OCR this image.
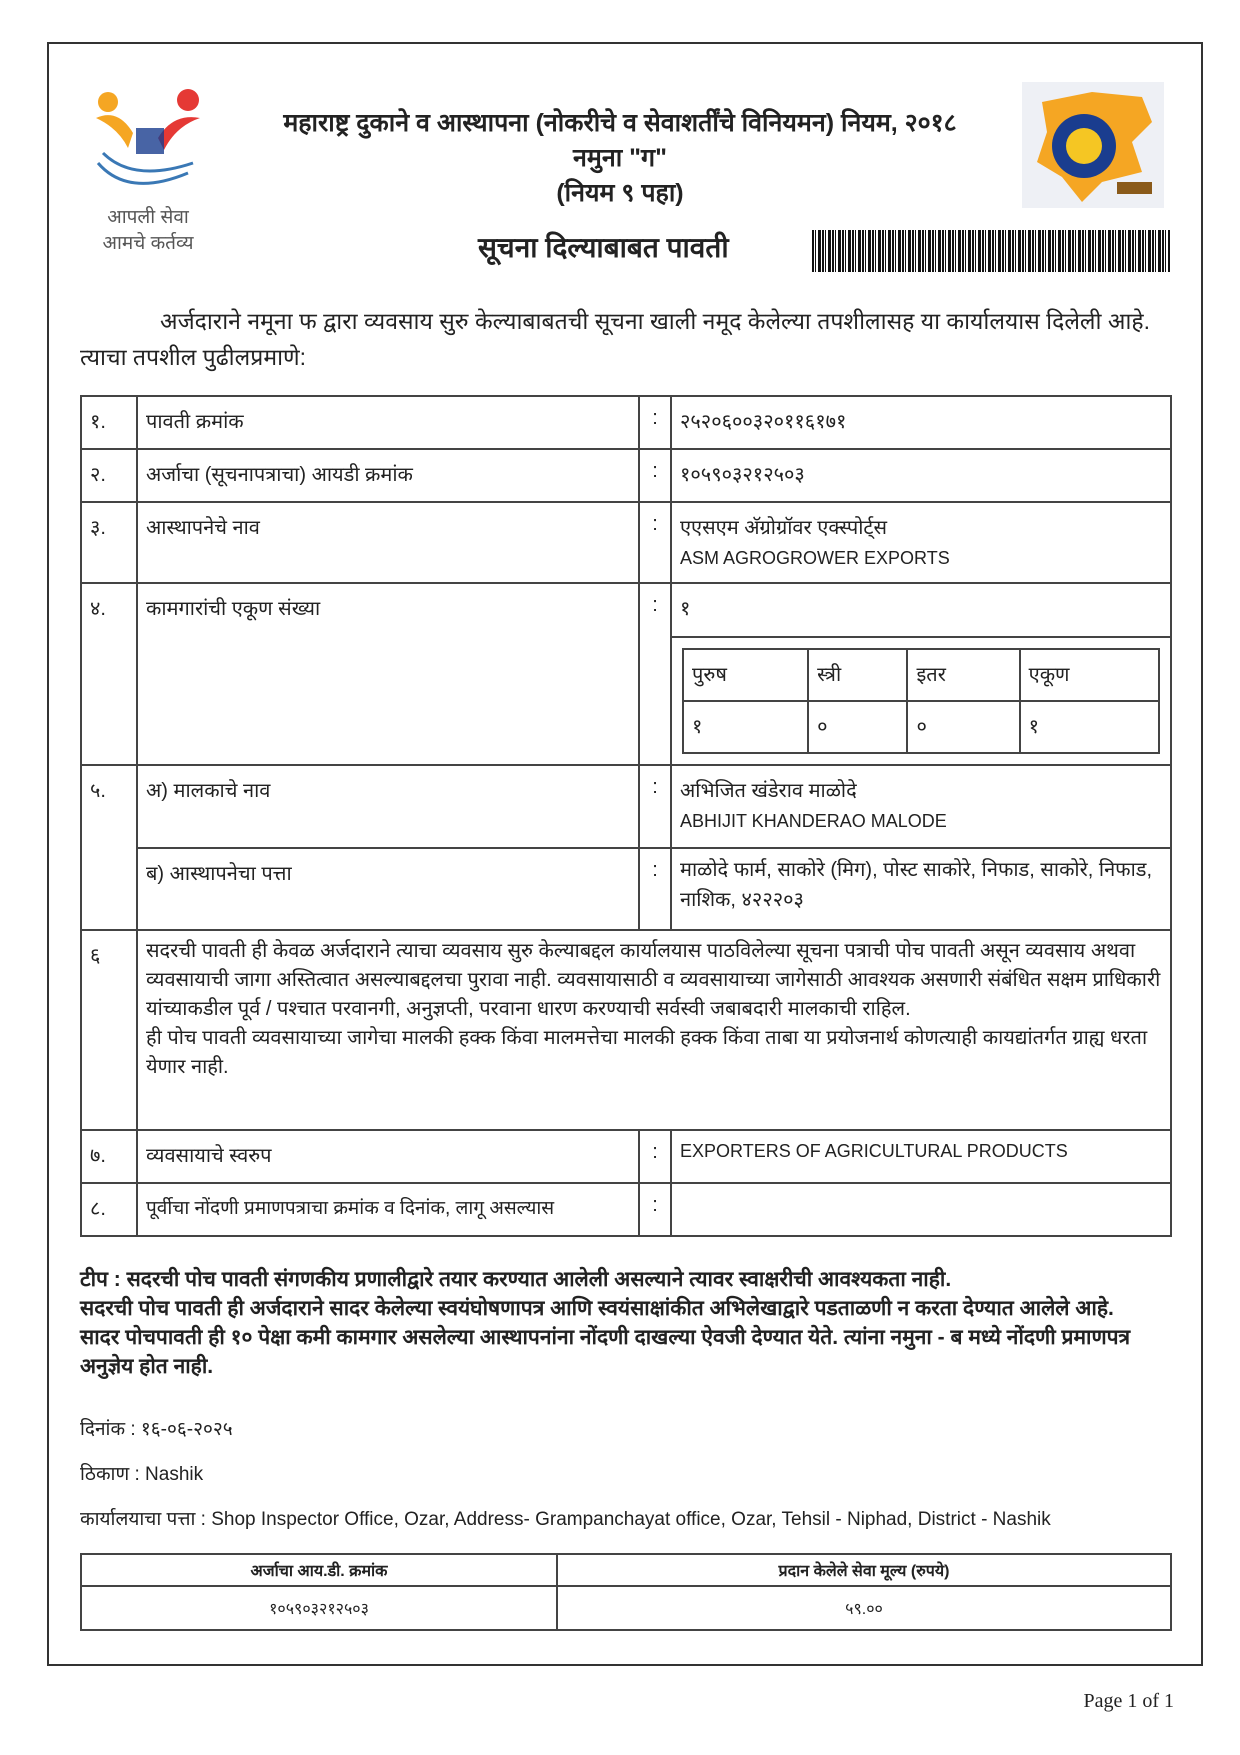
आपली सेवा
आमचे कर्तव्य
महाराष्ट्र दुकाने व आस्थापना (नोकरीचे व सेवाशर्तींचे विनियमन) नियम, २०१८
नमुना "ग"
(नियम ९ पहा)
सूचना दिल्याबाबत पावती
अर्जदाराने नमूना फ द्वारा व्यवसाय सुरु केल्याबाबतची सूचना खाली नमूद केलेल्या तपशीलासह या कार्यालयास दिलेली आहे. त्याचा तपशील पुढीलप्रमाणे:
१.	पावती क्रमांक	:	२५२०६००३२०११६१७१
२.	अर्जाचा (सूचनापत्राचा) आयडी क्रमांक	:	१०५९०३२१२५०३
३.	आस्थापनेचे नाव	:	एएसएम अ‍ॅग्रोग्रॉवर एक्स्पोर्ट्स
ASM AGROGROWER EXPORTS

४.	कामगारांची एकूण संख्या	:	१

पुरुष	स्त्री	इतर	एकूण
१	०	०	१

५.	अ) मालकाचे नाव	:	अभिजित खंडेराव माळोदे
ABHIJIT KHANDERAO MALODE

ब) आस्थापनेचा पत्ता	:	माळोदे फार्म, साकोरे (मिग), पोस्ट साकोरे, निफाड, साकोरे, निफाड, नाशिक, ४२२२०३
६	सदरची पावती ही केवळ अर्जदाराने त्याचा व्यवसाय सुरु केल्याबद्दल कार्यालयास पाठविलेल्या सूचना पत्राची पोच पावती असून व्यवसाय अथवा व्यवसायाची जागा अस्तित्वात असल्याबद्दलचा पुरावा नाही. व्यवसायासाठी व व्यवसायाच्या जागेसाठी आवश्यक असणारी संबंधित सक्षम प्राधिकारी यांच्याकडील पूर्व / पश्चात परवानगी, अनुज्ञप्ती, परवाना धारण करण्याची सर्वस्वी जबाबदारी मालकाची राहिल.
ही पोच पावती व्यवसायाच्या जागेचा मालकी हक्क किंवा मालमत्तेचा मालकी हक्क किंवा ताबा या प्रयोजनार्थ कोणत्याही कायद्यांतर्गत ग्राह्य धरता येणार नाही.

७.	व्यवसायाचे स्वरुप	:	EXPORTERS OF AGRICULTURAL PRODUCTS
८.	पूर्वीचा नोंदणी प्रमाणपत्राचा क्रमांक व दिनांक, लागू असल्यास	:	
टीप : सदरची पोच पावती संगणकीय प्रणालीद्वारे तयार करण्यात आलेली असल्याने त्यावर स्वाक्षरीची आवश्यकता नाही.
सदरची पोच पावती ही अर्जदाराने सादर केलेल्या स्वयंघोषणापत्र आणि स्वयंसाक्षांकीत अभिलेखाद्वारे पडताळणी न करता देण्यात आलेले आहे.
सादर पोचपावती ही १० पेक्षा कमी कामगार असलेल्या आस्थापनांना नोंदणी दाखल्या ऐवजी देण्यात येते. त्यांना नमुना - ब मध्ये नोंदणी प्रमाणपत्र अनुज्ञेय होत नाही.
दिनांक : १६-०६-२०२५
ठिकाण : Nashik
कार्यालयाचा पत्ता : Shop Inspector Office, Ozar, Address- Grampanchayat office, Ozar, Tehsil - Niphad, District - Nashik
अर्जाचा आय.डी. क्रमांक	प्रदान केलेले सेवा मूल्य (रुपये)
१०५९०३२१२५०३	५९.००
Page 1 of 1
